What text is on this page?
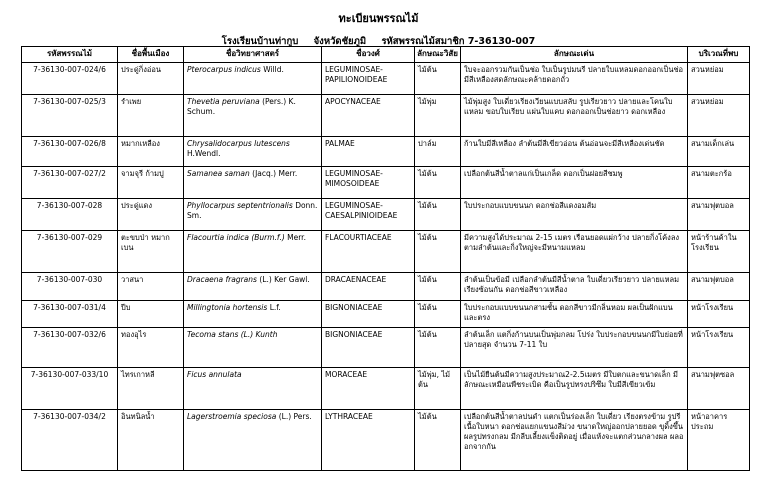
ทะเบียนพรรณไม้
โรงเรียนบ้านท่ากูบ จังหวัดชัยภูมิ รหัสพรรณไม้สมาชิก 7-36130-007
รหัสพรรณไม้	ชื่อพื้นเมือง	ชื่อวิทยาศาสตร์	ชื่อวงศ์	ลักษณะวิสัย	ลักษณะเด่น	บริเวณที่พบ
7-36130-007-024/6	ประดู่กิ่งอ่อน	Pterocarpus indicus Willd.	LEGUMINOSAE-PAPILIONOIDEAE	ไม้ต้น	ใบจะออกรวมกันเป็นช่อ ใบเป็นรูปมนรี ปลายใบแหลมดอกออกเป็นช่อมีสีเหลืองสดลักษณะคล้ายดอกถั่ว	สวนหย่อม
7-36130-007-025/3	รำเพย	Thevetia peruviana (Pers.) K. Schum.	APOCYNACEAE	ไม้พุ่ม	ไม้พุ่มสูง ใบเดี่ยวเรียงเวียนแบบสลับ รูปเรียวยาว ปลายและโคนใบแหลม ขอบใบเรียบ แผ่นใบแคบ ดอกออกเป็นช่อยาว ดอกเหลือง	สวนหย่อม
7-36130-007-026/8	หมากเหลือง	Chrysalidocarpus lutescens H.Wendl.	PALMAE	ปาล์ม	ก้านใบมีสีเหลือง ลำต้นมีสีเขียวอ่อน ต้นอ่อนจะมีสีเหลืองเด่นชัด	สนามเด็กเล่น
7-36130-007-027/2	จามจุรี ก้ามปู	Samanea saman (Jacq.) Merr.	LEGUMINOSAE-MIMOSOIDEAE	ไม้ต้น	เปลือกต้นสีน้ำตาลแก่เป็นเกล็ด ดอกเป็นฝอยสีชมพู	สนามตะกร้อ
7-36130-007-028	ประดู่แดง	Phyllocarpus septentrionalis Donn. Sm.	LEGUMINOSAE-CAESALPINIOIDEAE	ไม้ต้น	ใบประกอบแบบขนนก ดอกช่อสีแดงอมส้ม	สนามฟุตบอล
7-36130-007-029	ตะขบป่า หมากเบน	Flacourtia indica (Burm.f.) Merr.	FLACOURTIACEAE	ไม้ต้น	มีความสูงได้ประมาณ 2-15 เมตร เรือนยอดแผ่กว้าง ปลายกิ่งโค้งลง ตามลำต้นและกิ่งใหญ่จะมีหนามแหลม	หน้าร้านค้าในโรงเรียน
7-36130-007-030	วาสนา	Dracaena fragrans (L.) Ker Gawl.	DRACAENACEAE	ไม้ต้น	ลำต้นเป็นข้อมี เปลือกลำต้นมีสีน้ำตาล ใบเดี่ยวเรียวยาว ปลายแหลมเรียงซ้อนกัน ดอกช่อสีขาวเหลือง	สนามฟุตบอล
7-36130-007-031/4	ปีบ	Millingtonia hortensis L.f.	BIGNONIACEAE	ไม้ต้น	ใบประกอบแบบขนนกสามชั้น ดอกสีขาวมีกลิ่นหอม ผลเป็นฝักแบนและตรง	หน้าโรงเรียน
7-36130-007-032/6	ทองอุไร	Tecoma stans (L.) Kunth	BIGNONIACEAE	ไม้ต้น	ลำต้นเล็ก แตกิ่งก้านบนเป็นพุ่มกลม โปร่ง ใบประกอบขนนกมีใบย่อยที่ปลายสุด จำนวน 7-11 ใบ	หน้าโรงเรียน
7-36130-007-033/10	ไทรเกาหลี	Ficus annulata	MORACEAE	ไม้พุ่ม, ไม้ต้น	เป็นไม้ยืนต้นมีความสูงประมาณ2-2.5เมตร มีใบตกและขนาดเล็ก มีลักษณะเหมือนพืชระเบิด คือเป็นรูปทรงปริซึม ใบมีสีเขียวเข้ม	สนามฟุตซอล
7-36130-007-034/2	อินทนิลน้ำ	Lagerstroemia speciosa (L.) Pers.	LYTHRACEAE	ไม้ต้น	เปลือกต้นสีน้ำตาลปนดำ แตกเป็นร่องเล็ก ใบเดี่ยว เรียงตรงข้าม รูปรี เนื้อใบหนา ดอกช่อแยกแขนงสีม่วง ขนาดใหญ่ออกปลายยอด ขุดิ้งขึ้น ผลรูปทรงกลม มีกลีบเลี้ยงแข็งติดอยู่ เมื่อแห้งจะแตกส่วนกลางผล ผลออกจากกัน	หน้าอาคารประถม
